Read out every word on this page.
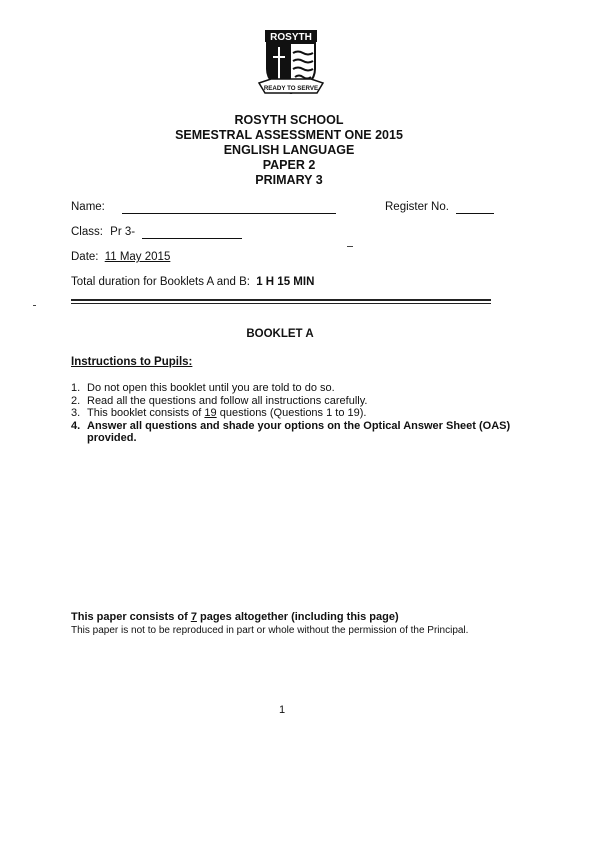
ROSYTH
READY TO SERVE
ROSYTH SCHOOL
SEMESTRAL ASSESSMENT ONE 2015
ENGLISH LANGUAGE
PAPER 2
PRIMARY 3
Name:	Register No.
Class: Pr 3-
Date: 11 May 2015
Total duration for Booklets A and B: 1 H 15 MIN
BOOKLET A
Instructions to Pupils:
1. Do not open this booklet until you are told to do so.
2. Read all the questions and follow all instructions carefully.
3. This booklet consists of 19 questions (Questions 1 to 19).
4. Answer all questions and shade your options on the Optical Answer Sheet (OAS) provided.
This paper consists of 7 pages altogether (including this page)
This paper is not to be reproduced in part or whole without the permission of the Principal.
1
